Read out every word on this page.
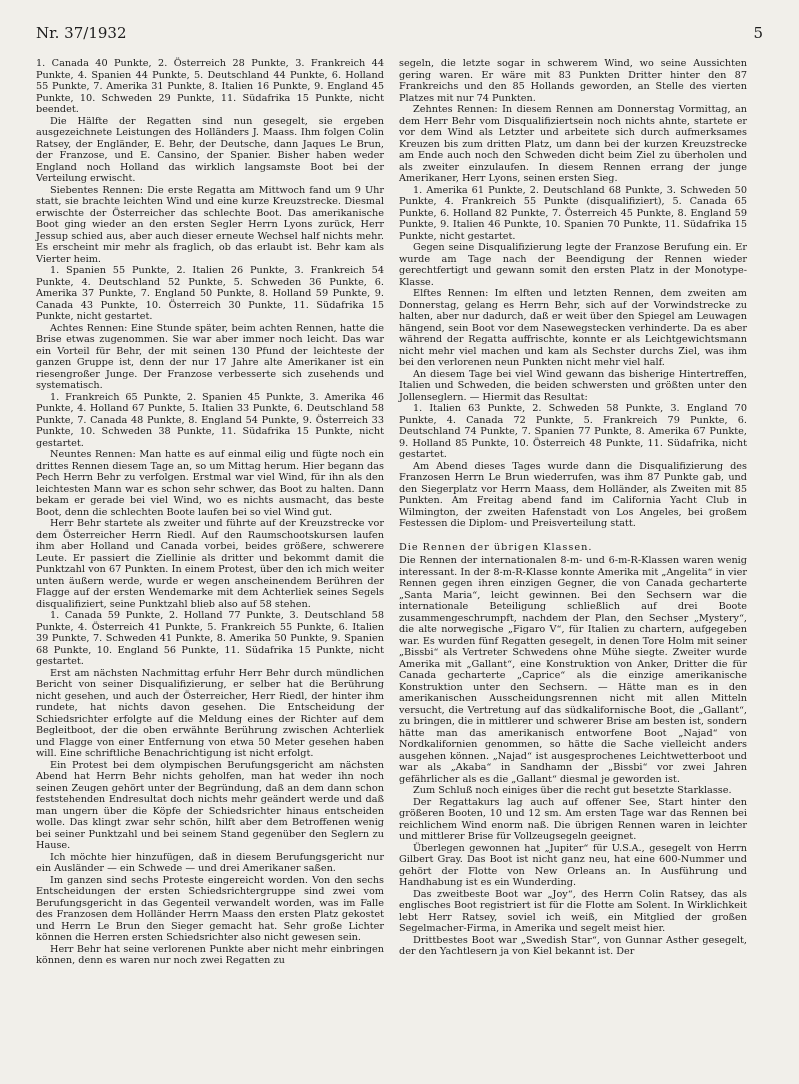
Nr. 37/1932	5

1. Canada 40 Punkte, 2. Österreich 28 Punkte, 3. Frankreich 44 Punkte, 4. Spanien 44 Punkte, 5. Deutschland 44 Punkte, 6. Holland 55 Punkte, 7. Amerika 31 Punkte, 8. Italien 16 Punkte, 9. England 45 Punkte, 10. Schweden 29 Punkte, 11. Südafrika 15 Punkte, nicht beendet.

Die Hälfte der Regatten sind nun gesegelt, sie ergeben ausgezeichnete Leistungen des Holländers J. Maass. Ihm folgen Colin Ratsey, der Engländer, E. Behr, der Deutsche, dann Jaques Le Brun, der Franzose, und E. Cansino, der Spanier. Bisher haben weder England noch Holland das wirklich langsamste Boot bei der Verteilung erwischt.

Siebentes Rennen: Die erste Regatta am Mittwoch fand um 9 Uhr statt, sie brachte leichten Wind und eine kurze Kreuzstrecke. Diesmal erwischte der Österreicher das schlechte Boot. Das amerikanische Boot ging wieder an den ersten Segler Herrn Lyons zurück, Herr Jessup schied aus, aber auch dieser erneute Wechsel half nichts mehr. Es erscheint mir mehr als fraglich, ob das erlaubt ist. Behr kam als Vierter heim.

1. Spanien 55 Punkte, 2. Italien 26 Punkte, 3. Frankreich 54 Punkte, 4. Deutschland 52 Punkte, 5. Schweden 36 Punkte, 6. Amerika 37 Punkte, 7. England 50 Punkte, 8. Holland 59 Punkte, 9. Canada 43 Punkte, 10. Österreich 30 Punkte, 11. Südafrika 15 Punkte, nicht gestartet.

Achtes Rennen: Eine Stunde später, beim achten Rennen, hatte die Brise etwas zugenommen. Sie war aber immer noch leicht. Das war ein Vorteil für Behr, der mit seinen 130 Pfund der leichteste der ganzen Gruppe ist, denn der nur 17 Jahre alte Amerikaner ist ein riesengroßer Junge. Der Franzose verbesserte sich zusehends und systematisch.

1. Frankreich 65 Punkte, 2. Spanien 45 Punkte, 3. Amerika 46 Punkte, 4. Holland 67 Punkte, 5. Italien 33 Punkte, 6. Deutschland 58 Punkte, 7. Canada 48 Punkte, 8. England 54 Punkte, 9. Österreich 33 Punkte, 10. Schweden 38 Punkte, 11. Südafrika 15 Punkte, nicht gestartet.

Neuntes Rennen: Man hatte es auf einmal eilig und fügte noch ein drittes Rennen diesem Tage an, so um Mittag herum. Hier begann das Pech Herrn Behr zu verfolgen. Erstmal war viel Wind, für ihn als den leichtesten Mann war es schon sehr schwer, das Boot zu halten. Dann bekam er gerade bei viel Wind, wo es nichts ausmacht, das beste Boot, denn die schlechten Boote laufen bei so viel Wind gut.

Herr Behr startete als zweiter und führte auf der Kreuzstrecke vor dem Österreicher Herrn Riedl. Auf den Raumschootskursen laufen ihm aber Holland und Canada vorbei, beides größere, schwerere Leute. Er passiert die Ziellinie als dritter und bekommt damit die Punktzahl von 67 Punkten. In einem Protest, über den ich mich weiter unten äußern werde, wurde er wegen anscheinendem Berühren der Flagge auf der ersten Wendemarke mit dem Achterliek seines Segels disqualifiziert, seine Punktzahl blieb also auf 58 stehen.

1. Canada 59 Punkte, 2. Holland 77 Punkte, 3. Deutschland 58 Punkte, 4. Österreich 41 Punkte, 5. Frankreich 55 Punkte, 6. Italien 39 Punkte, 7. Schweden 41 Punkte, 8. Amerika 50 Punkte, 9. Spanien 68 Punkte, 10. England 56 Punkte, 11. Südafrika 15 Punkte, nicht gestartet.

Erst am nächsten Nachmittag erfuhr Herr Behr durch mündlichen Bericht von seiner Disqualifizierung, er selber hat die Berührung nicht gesehen, und auch der Österreicher, Herr Riedl, der hinter ihm rundete, hat nichts davon gesehen. Die Entscheidung der Schiedsrichter erfolgte auf die Meldung eines der Richter auf dem Begleitboot, der die oben erwähnte Berührung zwischen Achterliek und Flagge von einer Entfernung von etwa 50 Meter gesehen haben will. Eine schriftliche Benachrichtigung ist nicht erfolgt.

Ein Protest bei dem olympischen Berufungsgericht am nächsten Abend hat Herrn Behr nichts geholfen, man hat weder ihn noch seinen Zeugen gehört unter der Begründung, daß an dem dann schon feststehenden Endresultat doch nichts mehr geändert werde und daß man ungern über die Köpfe der Schiedsrichter hinaus entscheiden wolle. Das klingt zwar sehr schön, hilft aber dem Betroffenen wenig bei seiner Punktzahl und bei seinem Stand gegenüber den Seglern zu Hause.

Ich möchte hier hinzufügen, daß in diesem Berufungsgericht nur ein Ausländer — ein Schwede — und drei Amerikaner saßen.

Im ganzen sind sechs Proteste eingereicht worden. Von den sechs Entscheidungen der ersten Schiedsrichtergruppe sind zwei vom Berufungsgericht in das Gegenteil verwandelt worden, was im Falle des Franzosen dem Holländer Herrn Maass den ersten Platz gekostet und Herrn Le Brun den Sieger gemacht hat. Sehr große Lichter können die Herren ersten Schiedsrichter also nicht gewesen sein.

Herr Behr hat seine verlorenen Punkte aber nicht mehr einbringen können, denn es waren nur noch zwei Regatten zu

segeln, die letzte sogar in schwerem Wind, wo seine Aussichten gering waren. Er wäre mit 83 Punkten Dritter hinter den 87 Frankreichs und den 85 Hollands geworden, an Stelle des vierten Platzes mit nur 74 Punkten.

Zehntes Rennen: In diesem Rennen am Donnerstag Vormittag, an dem Herr Behr vom Disqualifiziertsein noch nichts ahnte, startete er vor dem Wind als Letzter und arbeitete sich durch aufmerksames Kreuzen bis zum dritten Platz, um dann bei der kurzen Kreuzstrecke am Ende auch noch den Schweden dicht beim Ziel zu überholen und als zweiter einzulaufen. In diesem Rennen errang der junge Amerikaner, Herr Lyons, seinen ersten Sieg.

1. Amerika 61 Punkte, 2. Deutschland 68 Punkte, 3. Schweden 50 Punkte, 4. Frankreich 55 Punkte (disqualifiziert), 5. Canada 65 Punkte, 6. Holland 82 Punkte, 7. Österreich 45 Punkte, 8. England 59 Punkte, 9. Italien 46 Punkte, 10. Spanien 70 Punkte, 11. Südafrika 15 Punkte, nicht gestartet.

Gegen seine Disqualifizierung legte der Franzose Berufung ein. Er wurde am Tage nach der Beendigung der Rennen wieder gerechtfertigt und gewann somit den ersten Platz in der Monotype-Klasse.

Elftes Rennen: Im elften und letzten Rennen, dem zweiten am Donnerstag, gelang es Herrn Behr, sich auf der Vorwindstrecke zu halten, aber nur dadurch, daß er weit über den Spiegel am Leuwagen hängend, sein Boot vor dem Nasewegstecken verhinderte. Da es aber während der Regatta auffrischte, konnte er als Leichtgewichtsmann nicht mehr viel machen und kam als Sechster durchs Ziel, was ihm bei den verlorenen neun Punkten nicht mehr viel half.

An diesem Tage bei viel Wind gewann das bisherige Hintertreffen, Italien und Schweden, die beiden schwersten und größten unter den Jollenseglern. — Hiermit das Resultat:

1. Italien 63 Punkte, 2. Schweden 58 Punkte, 3. England 70 Punkte, 4. Canada 72 Punkte, 5. Frankreich 79 Punkte, 6. Deutschland 74 Punkte, 7. Spanien 77 Punkte, 8. Amerika 67 Punkte, 9. Holland 85 Punkte, 10. Österreich 48 Punkte, 11. Südafrika, nicht gestartet.

Am Abend dieses Tages wurde dann die Disqualifizierung des Franzosen Herrn Le Brun wiederrufen, was ihm 87 Punkte gab, und den Siegerplatz vor Herrn Maass, dem Holländer, als Zweiten mit 85 Punkten. Am Freitag abend fand im California Yacht Club in Wilmington, der zweiten Hafenstadt von Los Angeles, bei großem Festessen die Diplom- und Preisverteilung statt.

Die Rennen der übrigen Klassen.

Die Rennen der internationalen 8-m- und 6-m-R-Klassen waren wenig interessant. In der 8-m-R-Klasse konnte Amerika mit „Angelita“ in vier Rennen gegen ihren einzigen Gegner, die von Canada gecharterte „Santa Maria“, leicht gewinnen. Bei den Sechsern war die internationale Beteiligung schließlich auf drei Boote zusammengeschrumpft, nachdem der Plan, den Sechser „Mystery“, die alte norwegische „Figaro V“, für Italien zu chartern, aufgegeben war. Es wurden fünf Regatten gesegelt, in denen Tore Holm mit seiner „Bissbi“ als Vertreter Schwedens ohne Mühe siegte. Zweiter wurde Amerika mit „Gallant“, eine Konstruktion von Anker, Dritter die für Canada gecharterte „Caprice“ als die einzige amerikanische Konstruktion unter den Sechsern. — Hätte man es in den amerikanischen Ausscheidungsrennen nicht mit allen Mitteln versucht, die Vertretung auf das südkalifornische Boot, die „Gallant“, zu bringen, die in mittlerer und schwerer Brise am besten ist, sondern hätte man das amerikanisch entworfene Boot „Najad“ von Nordkalifornien genommen, so hätte die Sache vielleicht anders ausgehen können. „Najad“ ist ausgesprochenes Leichtwetterboot und war als „Akaba“ in Sandhamn der „Bissbi“ vor zwei Jahren gefährlicher als es die „Gallant“ diesmal je geworden ist.

Zum Schluß noch einiges über die recht gut besetzte Starklasse.

Der Regattakurs lag auch auf offener See, Start hinter den größeren Booten, 10 und 12 sm. Am ersten Tage war das Rennen bei reichlichem Wind enorm naß. Die übrigen Rennen waren in leichter und mittlerer Brise für Vollzeugsegeln geeignet.

Überlegen gewonnen hat „Jupiter“ für U.S.A., gesegelt von Herrn Gilbert Gray. Das Boot ist nicht ganz neu, hat eine 600-Nummer und gehört der Flotte von New Orleans an. In Ausführung und Handhabung ist es ein Wunderding.

Das zweitbeste Boot war „Joy“, des Herrn Colin Ratsey, das als englisches Boot registriert ist für die Flotte am Solent. In Wirklichkeit lebt Herr Ratsey, soviel ich weiß, ein Mitglied der großen Segelmacher-Firma, in Amerika und segelt meist hier.

Drittbestes Boot war „Swedish Star“, von Gunnar Asther gesegelt, der den Yachtlesern ja von Kiel bekannt ist. Der
